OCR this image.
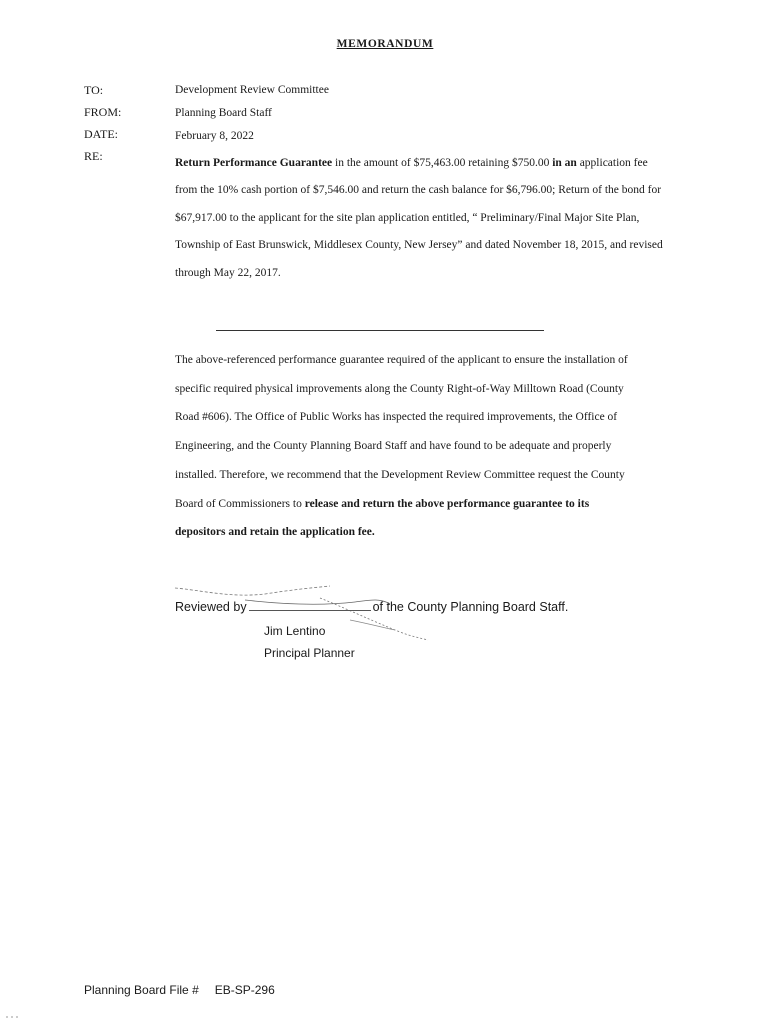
MEMORANDUM
TO:	Development Review Committee
FROM:	Planning Board Staff
DATE:	February 8, 2022
RE:	Return Performance Guarantee in the amount of $75,463.00 retaining $750.00 in an application fee from the 10% cash portion of $7,546.00 and return the cash balance for $6,796.00; Return of the bond for $67,917.00 to the applicant for the site plan application entitled, “ Preliminary/Final Major Site Plan, Township of East Brunswick, Middlesex County, New Jersey” and dated November 18, 2015, and revised through May 22, 2017.
The above-referenced performance guarantee required of the applicant to ensure the installation of specific required physical improvements along the County Right-of-Way Milltown Road (County Road #606). The Office of Public Works has inspected the required improvements, the Office of Engineering, and the County Planning Board Staff and have found to be adequate and properly installed. Therefore, we recommend that the Development Review Committee request the County Board of Commissioners to release and return the above performance guarantee to its depositors and retain the application fee.
Reviewed by	of the County Planning Board Staff.
Jim Lentino
Principal Planner
Planning Board File # EB-SP-296
